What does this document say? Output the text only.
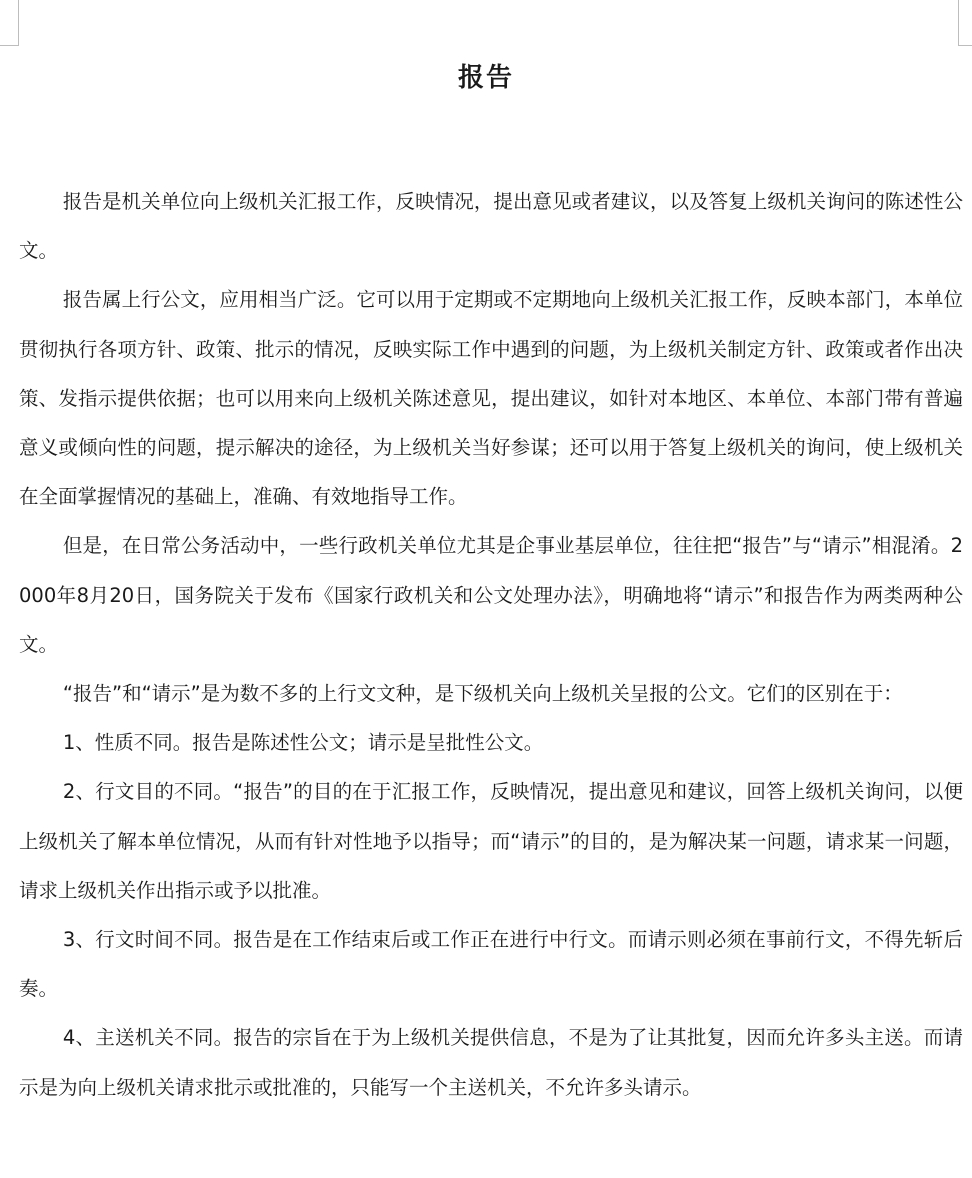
报告

报告是机关单位向上级机关汇报工作，反映情况，提出意见或者建议，以及答复上级机关询问的陈述性公文。

报告属上行公文，应用相当广泛。它可以用于定期或不定期地向上级机关汇报工作，反映本部门，本单位贯彻执行各项方针、政策、批示的情况，反映实际工作中遇到的问题，为上级机关制定方针、政策或者作出决策、发指示提供依据；也可以用来向上级机关陈述意见，提出建议，如针对本地区、本单位、本部门带有普遍意义或倾向性的问题，提示解决的途径，为上级机关当好参谋；还可以用于答复上级机关的询问，使上级机关在全面掌握情况的基础上，准确、有效地指导工作。

但是，在日常公务活动中，一些行政机关单位尤其是企事业基层单位，往往把“报告”与“请示”相混淆。2000年8月20日，国务院关于发布《国家行政机关和公文处理办法》，明确地将“请示”和报告作为两类两种公文。

“报告”和“请示”是为数不多的上行文文种，是下级机关向上级机关呈报的公文。它们的区别在于：

1、性质不同。报告是陈述性公文；请示是呈批性公文。

2、行文目的不同。“报告”的目的在于汇报工作，反映情况，提出意见和建议，回答上级机关询问，以便上级机关了解本单位情况，从而有针对性地予以指导；而“请示”的目的，是为解决某一问题，请求某一问题，请求上级机关作出指示或予以批准。

3、行文时间不同。报告是在工作结束后或工作正在进行中行文。而请示则必须在事前行文，不得先斩后奏。

4、主送机关不同。报告的宗旨在于为上级机关提供信息，不是为了让其批复，因而允许多头主送。而请示是为向上级机关请求批示或批准的，只能写一个主送机关，不允许多头请示。
